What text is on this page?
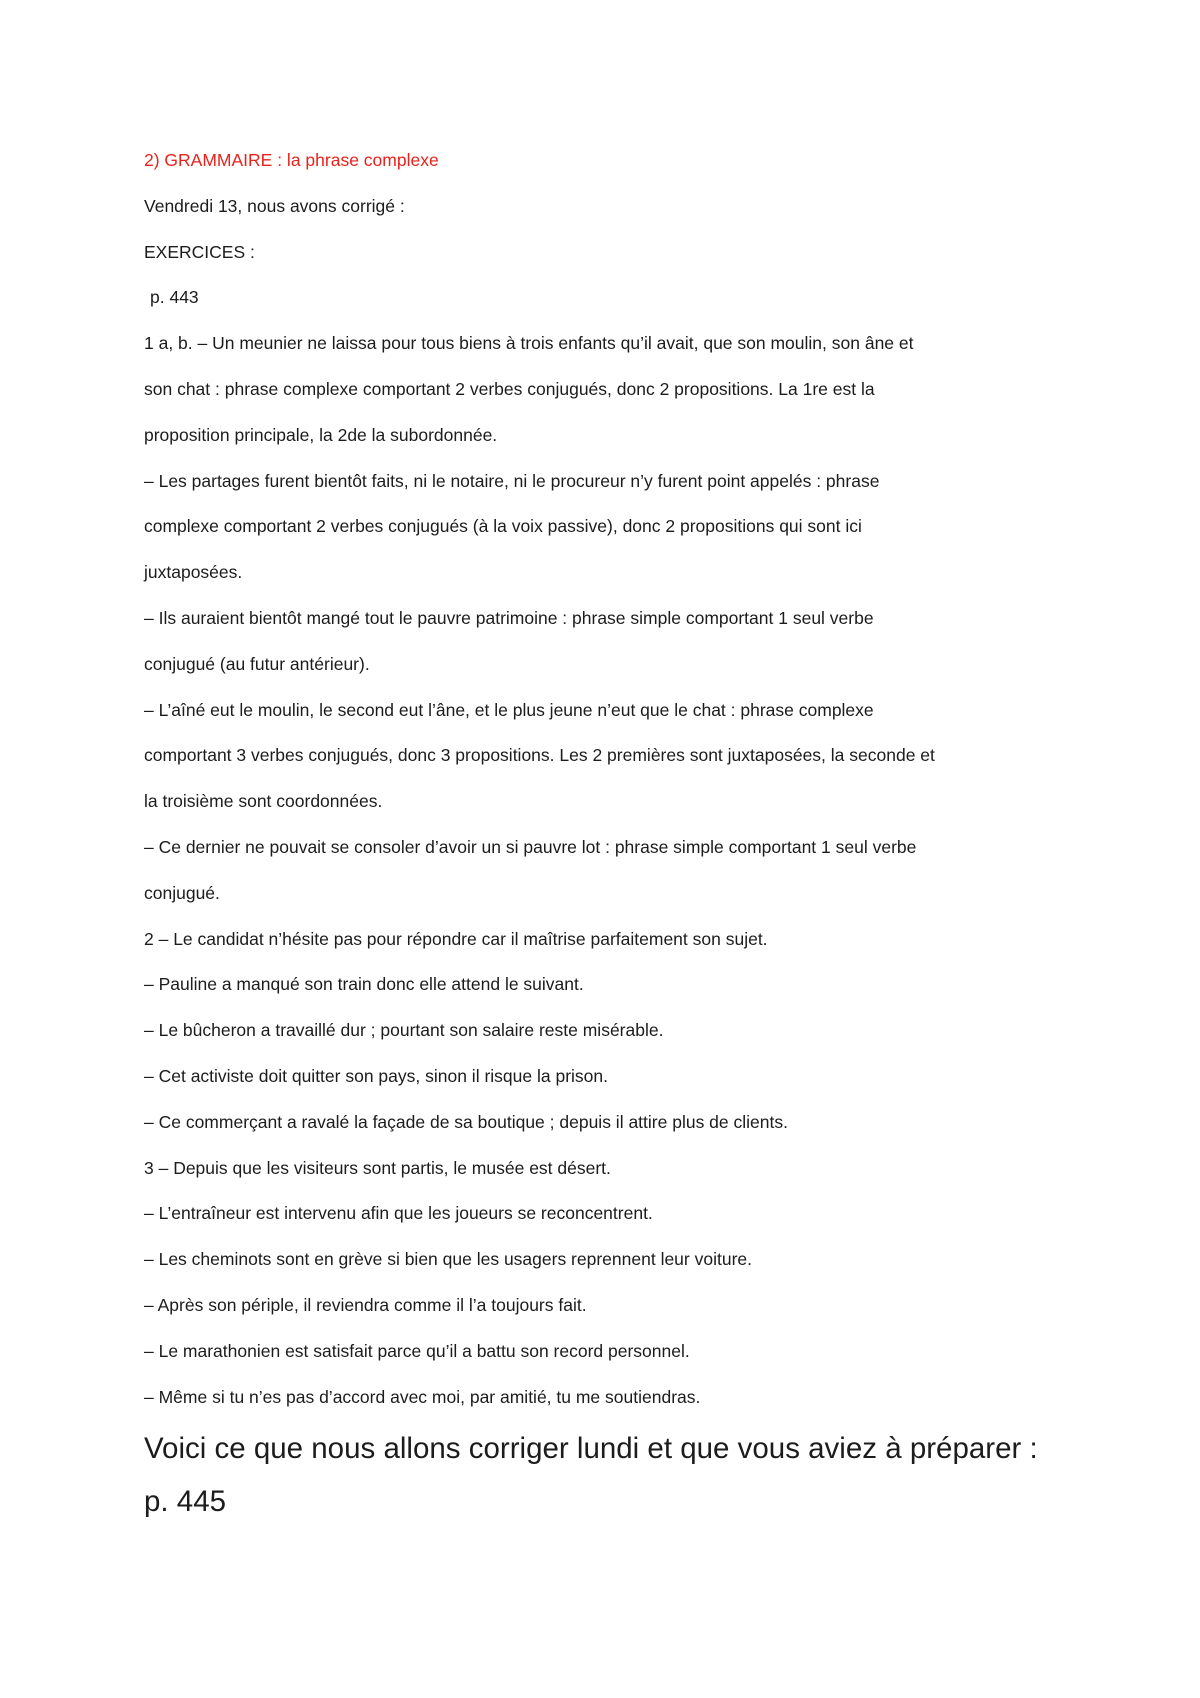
2) GRAMMAIRE : la phrase complexe
Vendredi 13, nous avons corrigé :
EXERCICES :
p. 443
1 a, b. – Un meunier ne laissa pour tous biens à trois enfants qu’il avait, que son moulin, son âne et
son chat : phrase complexe comportant 2 verbes conjugués, donc 2 propositions. La 1re est la
proposition principale, la 2de la subordonnée.
– Les partages furent bientôt faits, ni le notaire, ni le procureur n’y furent point appelés : phrase
complexe comportant 2 verbes conjugués (à la voix passive), donc 2 propositions qui sont ici
juxtaposées.
– Ils auraient bientôt mangé tout le pauvre patrimoine : phrase simple comportant 1 seul verbe
conjugué (au futur antérieur).
– L’aîné eut le moulin, le second eut l’âne, et le plus jeune n’eut que le chat : phrase complexe
comportant 3 verbes conjugués, donc 3 propositions. Les 2 premières sont juxtaposées, la seconde et
la troisième sont coordonnées.
– Ce dernier ne pouvait se consoler d’avoir un si pauvre lot : phrase simple comportant 1 seul verbe
conjugué.
2 – Le candidat n’hésite pas pour répondre car il maîtrise parfaitement son sujet.
– Pauline a manqué son train donc elle attend le suivant.
– Le bûcheron a travaillé dur ; pourtant son salaire reste misérable.
– Cet activiste doit quitter son pays, sinon il risque la prison.
– Ce commerçant a ravalé la façade de sa boutique ; depuis il attire plus de clients.
3 – Depuis que les visiteurs sont partis, le musée est désert.
– L’entraîneur est intervenu afin que les joueurs se reconcentrent.
– Les cheminots sont en grève si bien que les usagers reprennent leur voiture.
– Après son périple, il reviendra comme il l’a toujours fait.
– Le marathonien est satisfait parce qu’il a battu son record personnel.
– Même si tu n’es pas d’accord avec moi, par amitié, tu me soutiendras.
Voici ce que nous allons corriger lundi et que vous aviez à préparer :
p. 445
